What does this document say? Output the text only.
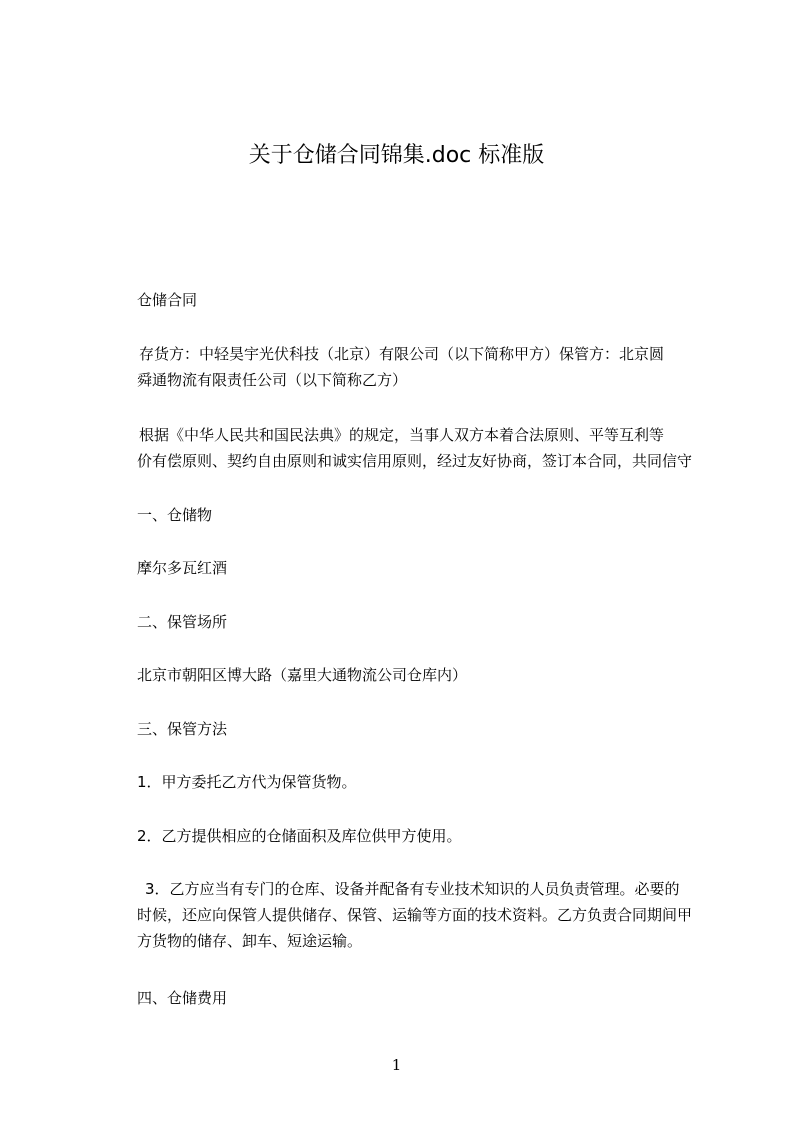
关于仓储合同锦集.doc 标准版

仓储合同

存货方：中轻昊宇光伏科技（北京）有限公司（以下简称甲方）保管方：北京圆
舜通物流有限责任公司（以下简称乙方）

根据《中华人民共和国民法典》的规定，当事人双方本着合法原则、平等互利等
价有偿原则、契约自由原则和诚实信用原则，经过友好协商，签订本合同，共同信守

一、仓储物

摩尔多瓦红酒

二、保管场所

北京市朝阳区博大路（嘉里大通物流公司仓库内）

三、保管方法

1．甲方委托乙方代为保管货物。

2．乙方提供相应的仓储面积及库位供甲方使用。

3．乙方应当有专门的仓库、设备并配备有专业技术知识的人员负责管理。必要的
时候，还应向保管人提供储存、保管、运输等方面的技术资料。乙方负责合同期间甲
方货物的储存、卸车、短途运输。

四、仓储费用

1
